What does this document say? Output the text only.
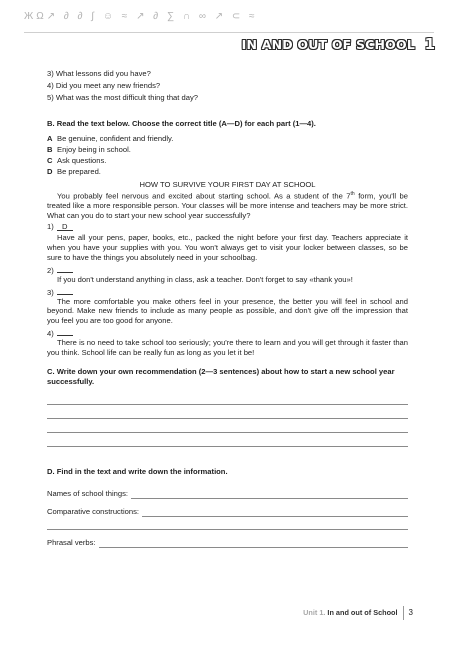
ЖΩ↗ ∂ ∂ ∫ ☺ ≈ ↗ ∂ ∑ ∩ ∞ ↗ ⊂ ≈
IN AND OUT OF SCHOOL 1
3) What lessons did you have?
4) Did you meet any new friends?
5) What was the most difficult thing that day?
B. Read the text below. Choose the correct title (A—D) for each part (1—4).
A Be genuine, confident and friendly.
B Enjoy being in school.
C Ask questions.
D Be prepared.
HOW TO SURVIVE YOUR FIRST DAY AT SCHOOL
You probably feel nervous and excited about starting school. As a student of the 7th form, you'll be treated like a more responsible person. Your classes will be more intense and teachers may be more strict. What can you do to start your new school year successfully?
1) D
Have all your pens, paper, books, etc., packed the night before your first day. Teachers appreciate it when you have your supplies with you. You won't always get to visit your locker between classes, so be sure to have the things you absolutely need in your schoolbag.
2)
If you don't understand anything in class, ask a teacher. Don't forget to say «thank you»!
3)
The more comfortable you make others feel in your presence, the better you will feel in school and beyond. Make new friends to include as many people as possible, and don't give off the impression that you feel you are too good for anyone.
4)
There is no need to take school too seriously; you're there to learn and you will get through it faster than you think. School life can be really fun as long as you let it be!
C. Write down your own recommendation (2—3 sentences) about how to start a new school year successfully.
D. Find in the text and write down the information.
Names of school things:
Comparative constructions:
Phrasal verbs:
Unit 1. In and out of School 3
